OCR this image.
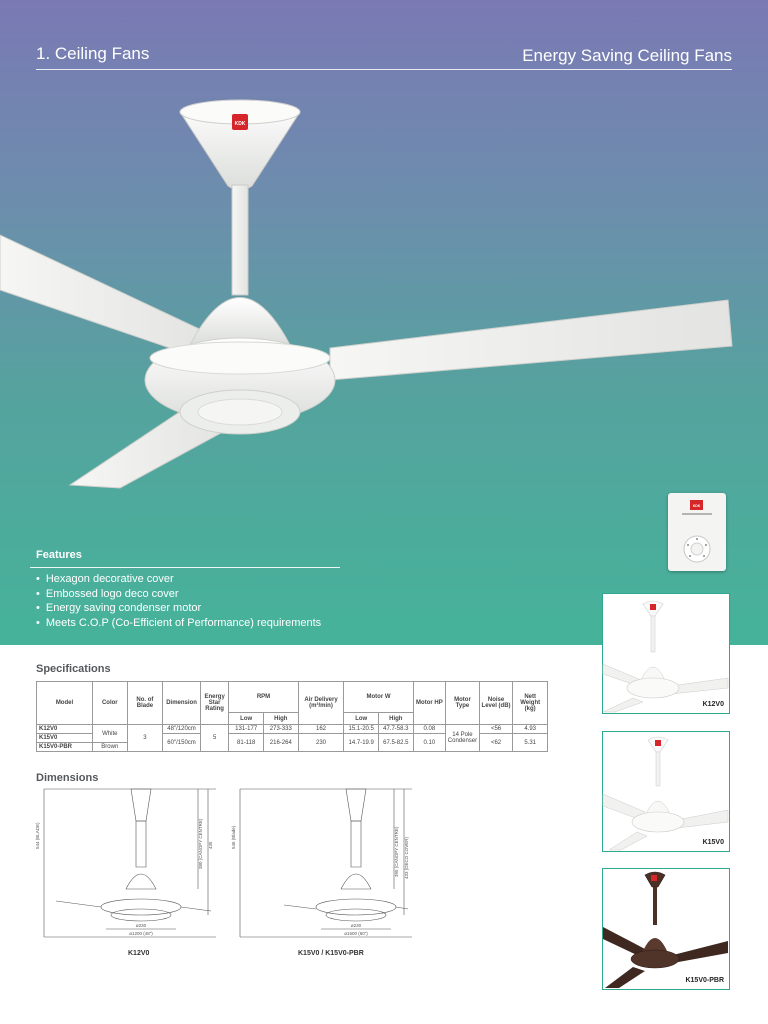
1. Ceiling Fans	Energy Saving Ceiling Fans
KDK
KDK
Features
• Hexagon decorative cover
• Embossed logo deco cover
• Energy saving condenser motor
• Meets C.O.P (Co-Efficient of Performance) requirements
Specifications
Model	Color	No. of Blade	Dimension	Energy Star Rating	RPM		Air Delivery (m³/min)	Motor W		Motor HP	Motor Type	Noise Level (dB)	Nett Weight (kg)
					Low	High		Low	High				
K12V0	White	3	48"/120cm	5	131-177	273-333	162	15.1-20.5	47.7-58.3	0.08	14 Pole Condenser	<56	4.93
K15V0			60"/150cm		81-118	216-264	230	14.7-19.9	67.5-82.5	0.10		<62	5.31
K15V0-PBR	Brown												
Dimensions
544 (BLADE)	380 (CANOPY CENTRE) 435
ø230
ø1200 (48")
K12V0
546 (Blade)	395 (CANOPY CENTRE) 433 (DECO COVER)
ø230
ø1500 (60")
K15V0 / K15V0-PBR
K12V0
K15V0
K15V0-PBR
